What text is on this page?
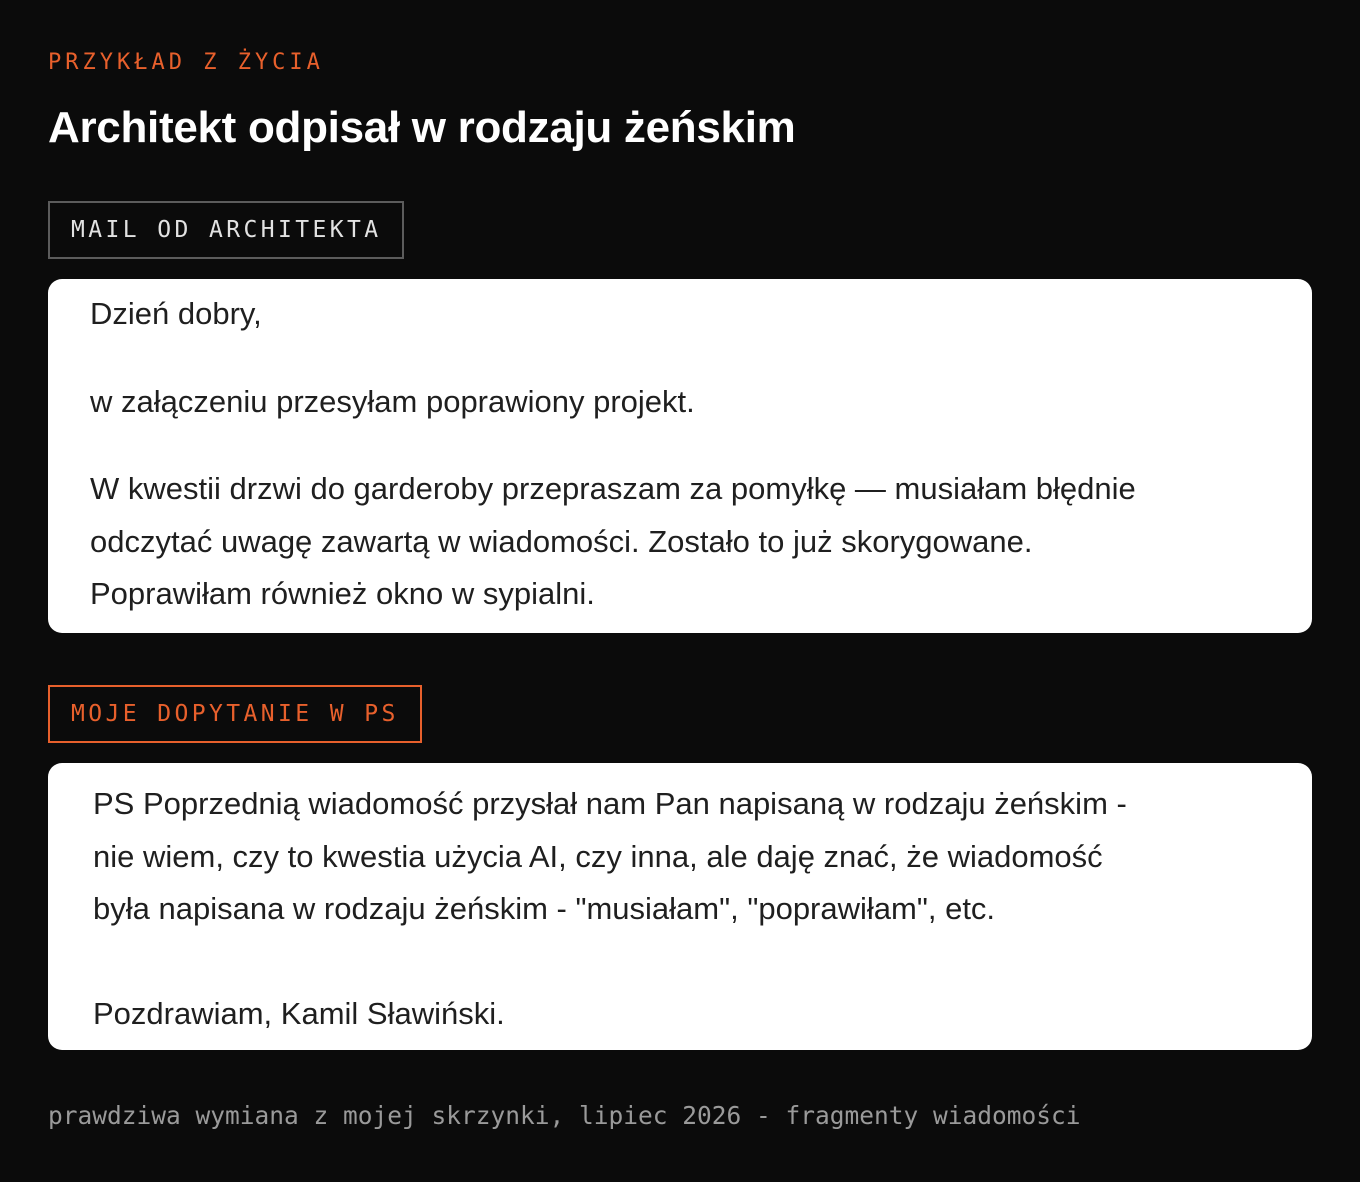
PRZYKŁAD Z ŻYCIA
Architekt odpisał w rodzaju żeńskim
MAIL OD ARCHITEKTA

Dzień dobry,

w załączeniu przesyłam poprawiony projekt.

W kwestii drzwi do garderoby przepraszam za pomyłkę — musiałam błędnie
odczytać uwagę zawartą w wiadomości. Zostało to już skorygowane.
Poprawiłam również okno w sypialni.

MOJE DOPYTANIE W PS

PS Poprzednią wiadomość przysłał nam Pan napisaną w rodzaju żeńskim -
nie wiem, czy to kwestia użycia AI, czy inna, ale daję znać, że wiadomość
była napisana w rodzaju żeńskim - "musiałam", "poprawiłam", etc.
Pozdrawiam, Kamil Sławiński.

prawdziwa wymiana z mojej skrzynki, lipiec 2026 - fragmenty wiadomości
